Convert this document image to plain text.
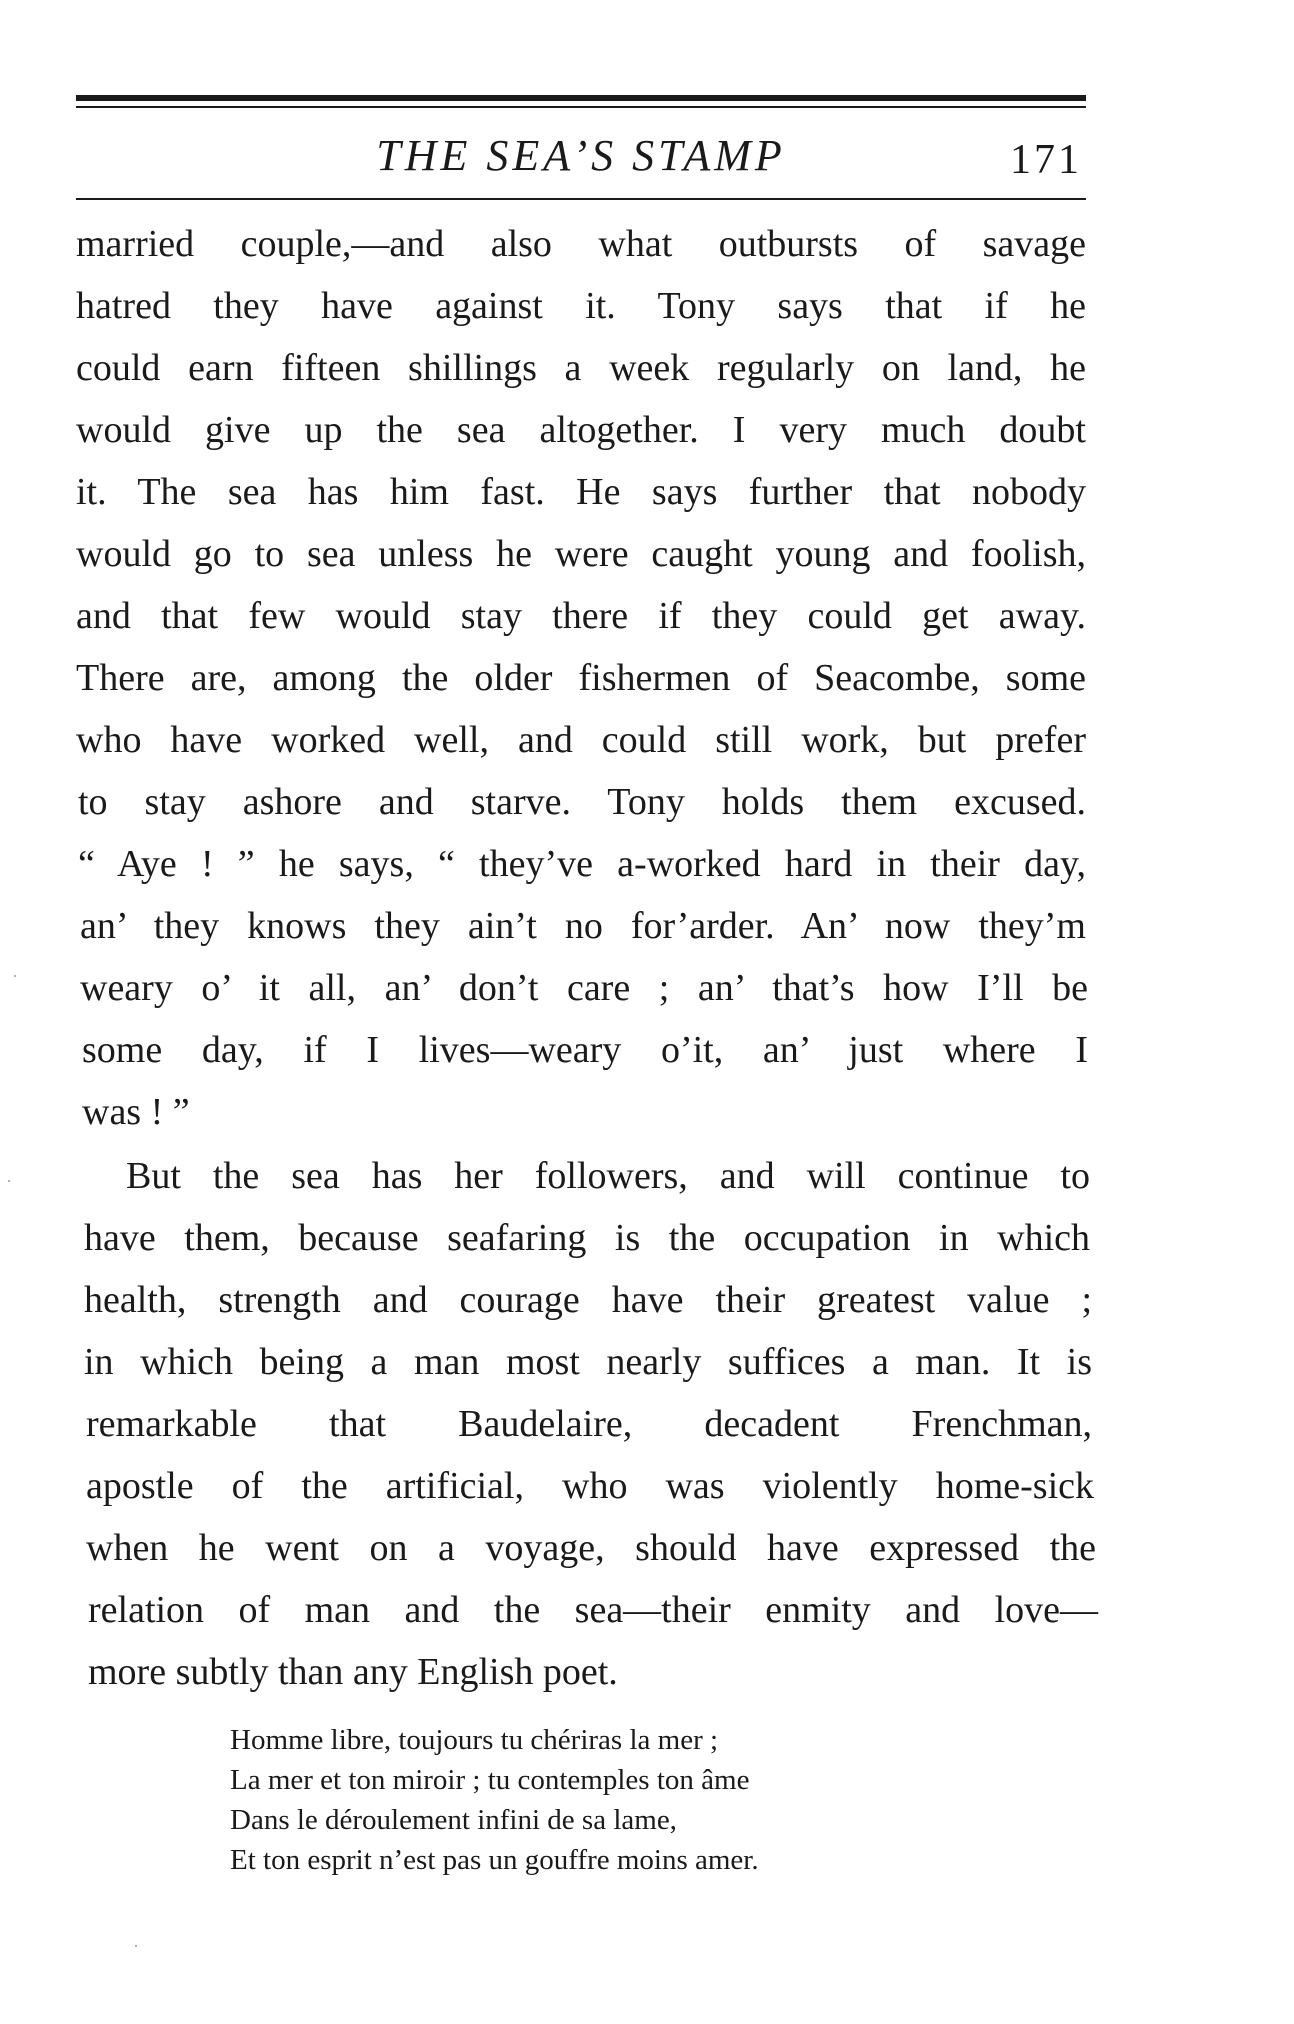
THE SEA’S STAMP	171
married couple,—and also what outbursts of savage
hatred they have against it. Tony says that if he
could earn fifteen shillings a week regularly on land, he
would give up the sea altogether. I very much doubt
it. The sea has him fast. He says further that nobody
would go to sea unless he were caught young and foolish,
and that few would stay there if they could get away.
There are, among the older fishermen of Seacombe, some
who have worked well, and could still work, but prefer
to stay ashore and starve. Tony holds them excused.
“ Aye ! ” he says, “ they’ve a-worked hard in their day,
an’ they knows they ain’t no for’arder. An’ now they’m
weary o’ it all, an’ don’t care ; an’ that’s how I’ll be
some day, if I lives—weary o’it, an’ just where I
was ! ”
But the sea has her followers, and will continue to
have them, because seafaring is the occupation in which
health, strength and courage have their greatest value ;
in which being a man most nearly suffices a man. It is
remarkable that Baudelaire, decadent Frenchman,
apostle of the artificial, who was violently home-sick
when he went on a voyage, should have expressed the
relation of man and the sea—their enmity and love—
more subtly than any English poet.
Homme libre, toujours tu chériras la mer ;
La mer et ton miroir ; tu contemples ton âme
Dans le déroulement infini de sa lame,
Et ton esprit n’est pas un gouffre moins amer.
